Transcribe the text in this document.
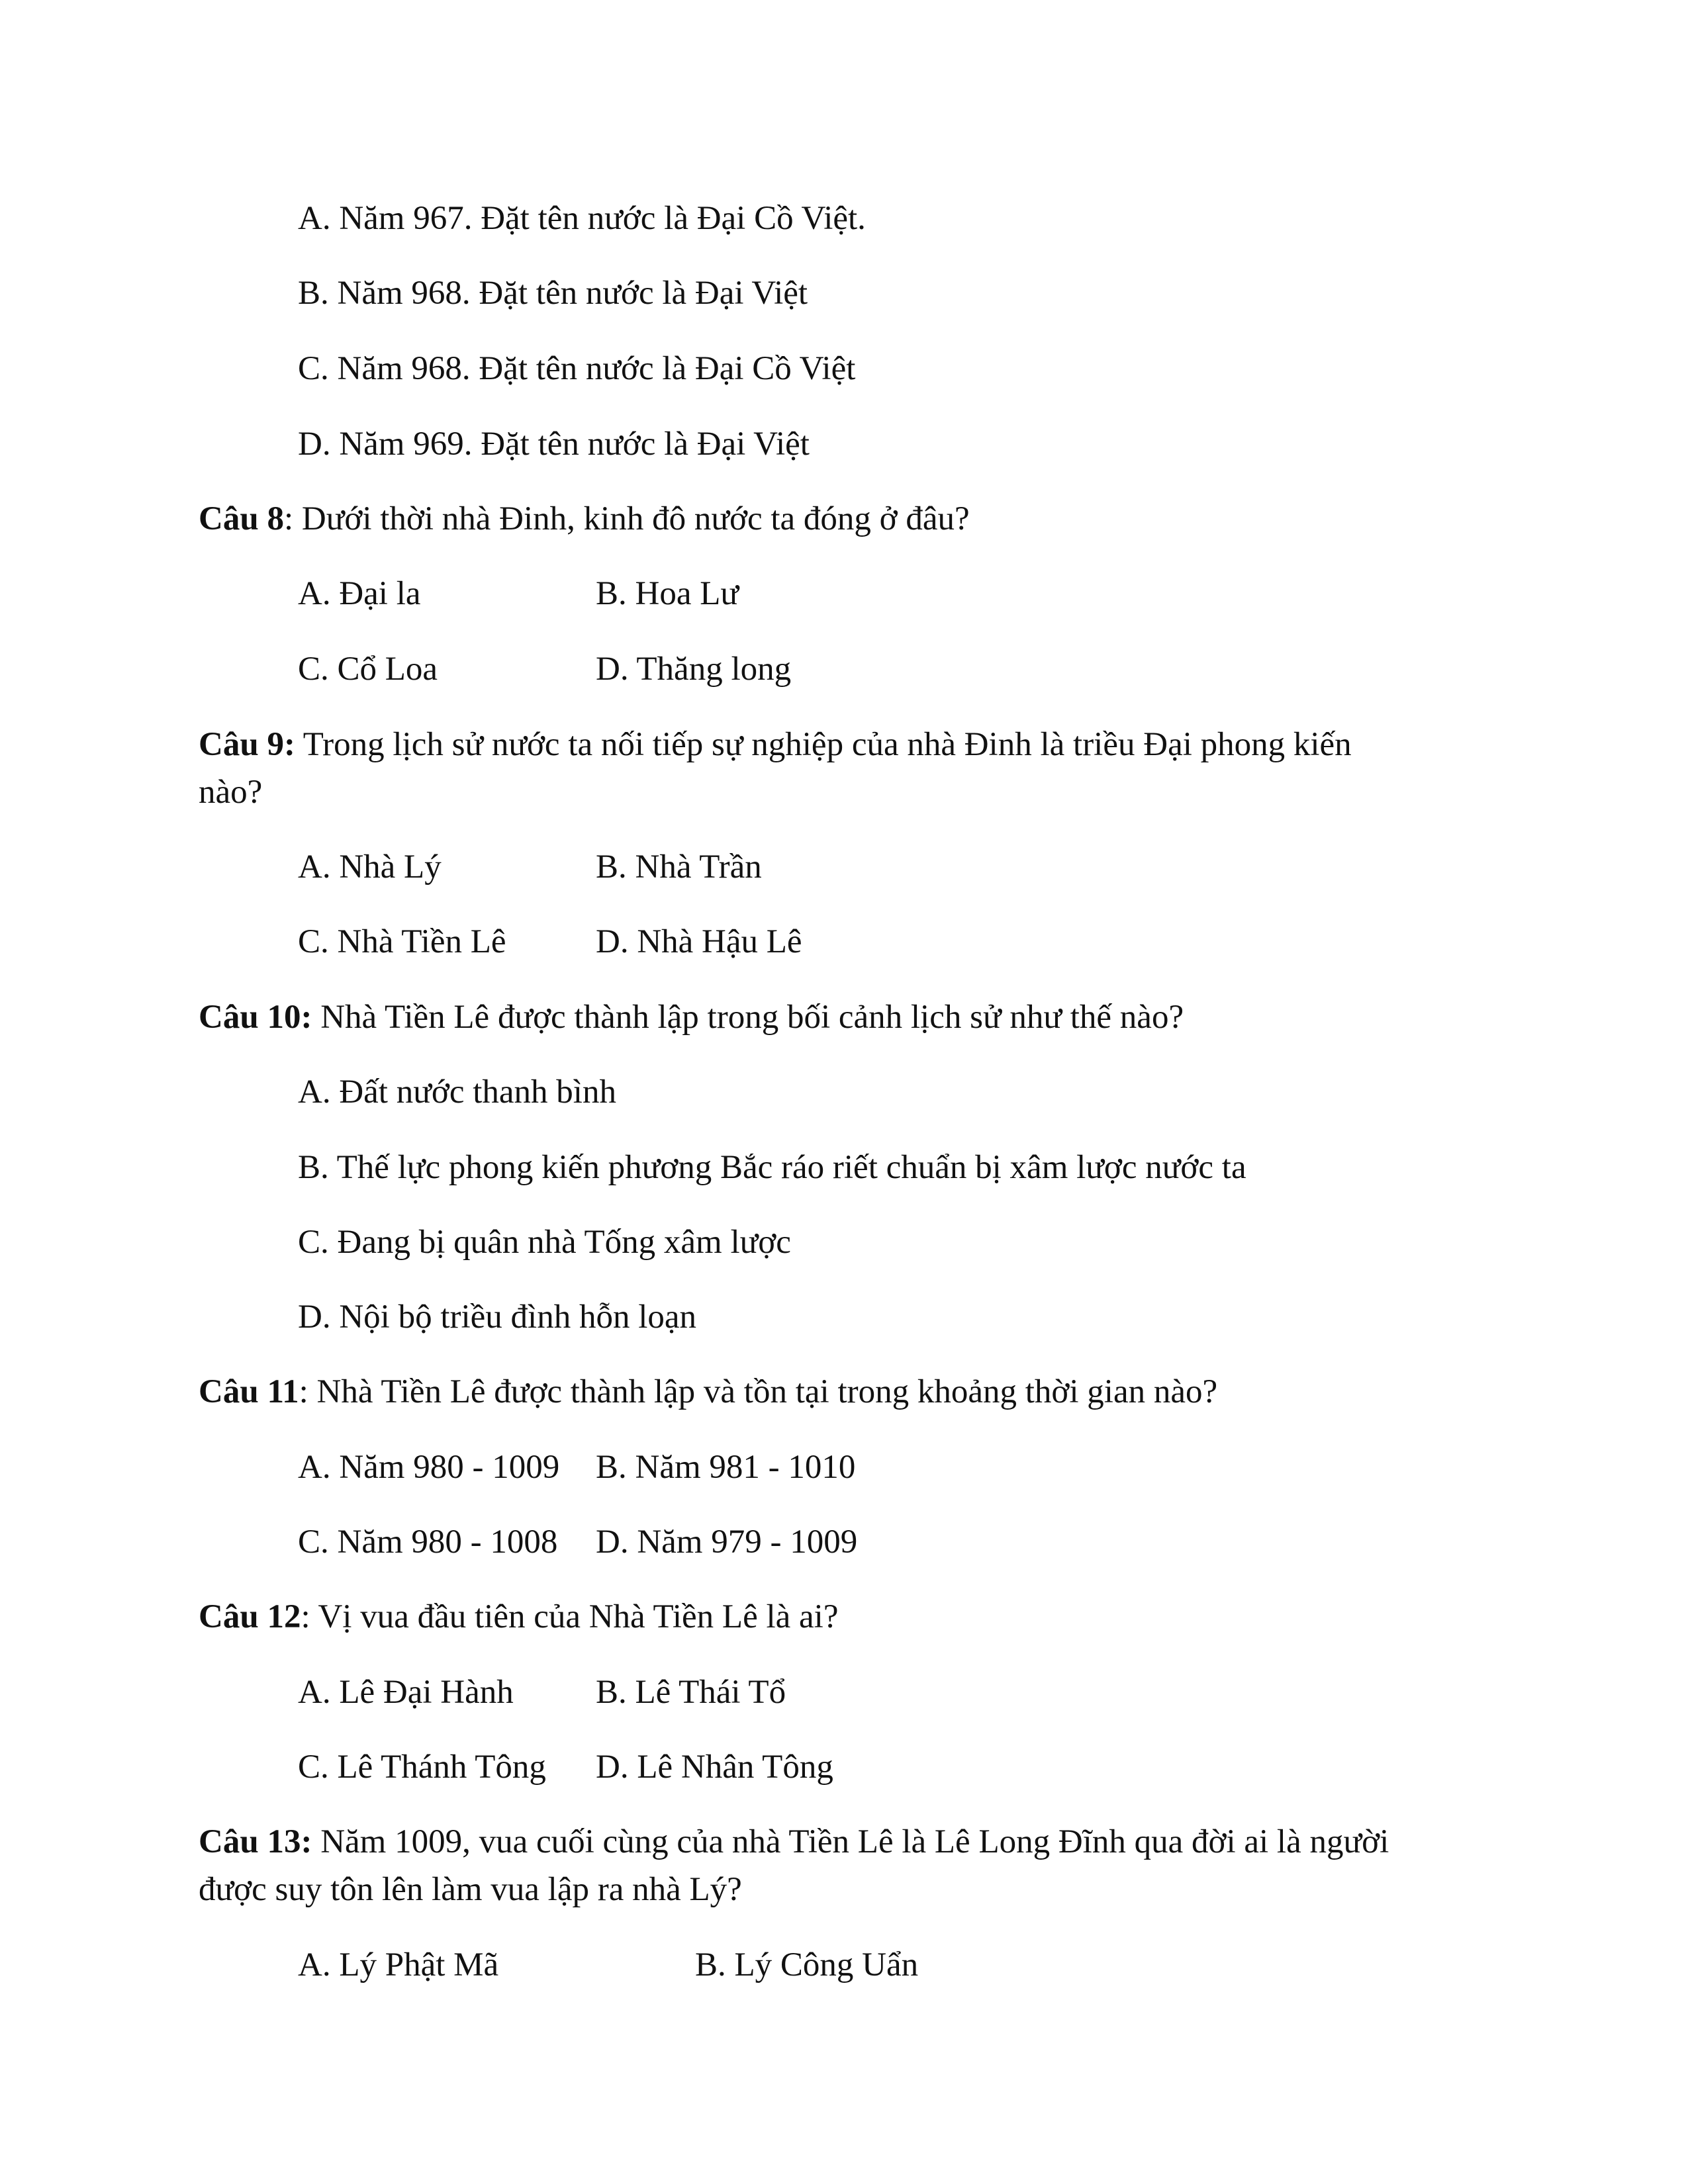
A. Năm 967. Đặt tên nước là Đại Cồ Việt.
B. Năm 968. Đặt tên nước là Đại Việt
C. Năm 968. Đặt tên nước là Đại Cồ Việt
D. Năm 969. Đặt tên nước là Đại Việt
Câu 8: Dưới thời nhà Đinh, kinh đô nước ta đóng ở đâu?
A. Đại la	B. Hoa Lư
C. Cổ Loa	D. Thăng long
Câu 9: Trong lịch sử nước ta nối tiếp sự nghiệp của nhà Đinh là triều Đại phong kiến
nào?
A. Nhà Lý	B. Nhà Trần
C. Nhà Tiền Lê	D. Nhà Hậu Lê
Câu 10: Nhà Tiền Lê được thành lập trong bối cảnh lịch sử như thế nào?
A. Đất nước thanh bình
B. Thế lực phong kiến phương Bắc ráo riết chuẩn bị xâm lược nước ta
C. Đang bị quân nhà Tống xâm lược
D. Nội bộ triều đình hỗn loạn
Câu 11: Nhà Tiền Lê được thành lập và tồn tại trong khoảng thời gian nào?
A. Năm 980 - 1009 B. Năm 981 - 1010
C. Năm 980 - 1008 D. Năm 979 - 1009
Câu 12: Vị vua đầu tiên của Nhà Tiền Lê là ai?
A. Lê Đại Hành B. Lê Thái Tổ
C. Lê Thánh Tông D. Lê Nhân Tông
Câu 13: Năm 1009, vua cuối cùng của nhà Tiền Lê là Lê Long Đĩnh qua đời ai là người
được suy tôn lên làm vua lập ra nhà Lý?
A. Lý Phật Mã	B. Lý Công Uẩn
